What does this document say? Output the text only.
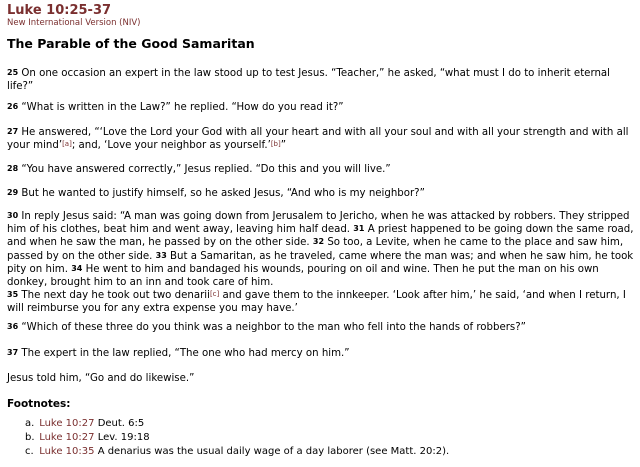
Luke 10:25-37
New International Version (NIV)
The Parable of the Good Samaritan

$^{25}$ On one occasion an expert in the law stood up to test Jesus. “Teacher,” he asked, “what must I do to inherit eternal life?”

$^{26}$ “What is written in the Law?” he replied. “How do you read it?”

$^{27}$ He answered, “‘Love the Lord your God with all your heart and with all your soul and with all your strength and with all your mind’[a]; and, ‘Love your neighbor as yourself.’[b]”

$^{28}$ “You have answered correctly,” Jesus replied. “Do this and you will live.”

$^{29}$ But he wanted to justify himself, so he asked Jesus, “And who is my neighbor?”

$^{30}$ In reply Jesus said: “A man was going down from Jerusalem to Jericho, when he was attacked by robbers. They stripped him of his clothes, beat him and went away, leaving him half dead. $^{31}$ A priest happened to be going down the same road, and when he saw the man, he passed by on the other side. $^{32}$ So too, a Levite, when he came to the place and saw him, passed by on the other side. $^{33}$ But a Samaritan, as he traveled, came where the man was; and when he saw him, he took pity on him. $^{34}$ He went to him and bandaged his wounds, pouring on oil and wine. Then he put the man on his own donkey, brought him to an inn and took care of him.
$^{35}$ The next day he took out two denarii[c] and gave them to the innkeeper. ‘Look after him,’ he said, ‘and when I return, I will reimburse you for any extra expense you may have.’

$^{36}$ “Which of these three do you think was a neighbor to the man who fell into the hands of robbers?”

$^{37}$ The expert in the law replied, “The one who had mercy on him.”

Jesus told him, “Go and do likewise.”

Footnotes:
a. Luke 10:27 Deut. 6:5
b. Luke 10:27 Lev. 19:18
c. Luke 10:35 A denarius was the usual daily wage of a day laborer (see Matt. 20:2).
